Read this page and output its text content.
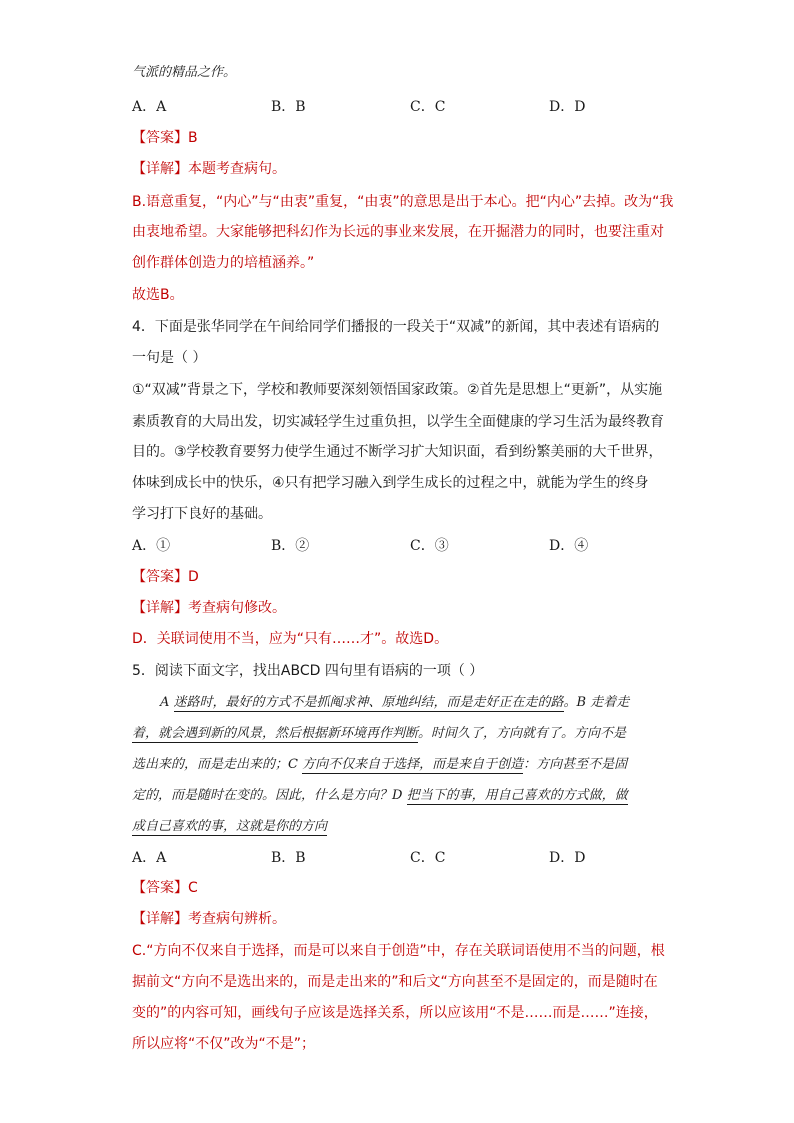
气派的精品之作。
A．A	B．B	C．C	D．D
【答案】B
【详解】本题考查病句。
B.语意重复，“内心”与“由衷”重复，“由衷”的意思是出于本心。把“内心”去掉。改为“我
由衷地希望。大家能够把科幻作为长远的事业来发展，在开掘潜力的同时，也要注重对
创作群体创造力的培植涵养。”
故选B。
4．下面是张华同学在午间给同学们播报的一段关于“双减”的新闻，其中表述有语病的
一句是（ ）
①“双减”背景之下，学校和教师要深刻领悟国家政策。②首先是思想上“更新”，从实施
素质教育的大局出发，切实减轻学生过重负担，以学生全面健康的学习生活为最终教育
目的。③学校教育要努力使学生通过不断学习扩大知识面，看到纷繁美丽的大千世界，
体味到成长中的快乐，④只有把学习融入到学生成长的过程之中，就能为学生的终身
学习打下良好的基础。
A．①	B．②	C．③	D．④
【答案】D
【详解】考查病句修改。
D．关联词使用不当，应为“只有……才”。故选D。
5．阅读下面文字，找出ABCD 四句里有语病的一项（ ）
A 迷路时，最好的方式不是抓阄求神、原地纠结，而是走好正在走的路。B 走着走
着，就会遇到新的风景，然后根据新环境再作判断。时间久了，方向就有了。方向不是
选出来的，而是走出来的；C 方向不仅来自于选择，而是来自于创造：方向甚至不是固
定的，而是随时在变的。因此，什么是方向？D 把当下的事，用自己喜欢的方式做，做
成自己喜欢的事，这就是你的方向
A．A	B．B	C．C	D．D
【答案】C
【详解】考查病句辨析。
C.“方向不仅来自于选择，而是可以来自于创造”中，存在关联词语使用不当的问题，根
据前文“方向不是选出来的，而是走出来的”和后文“方向甚至不是固定的，而是随时在
变的”的内容可知，画线句子应该是选择关系，所以应该用“不是……而是……”连接，
所以应将“不仅”改为“不是”；
